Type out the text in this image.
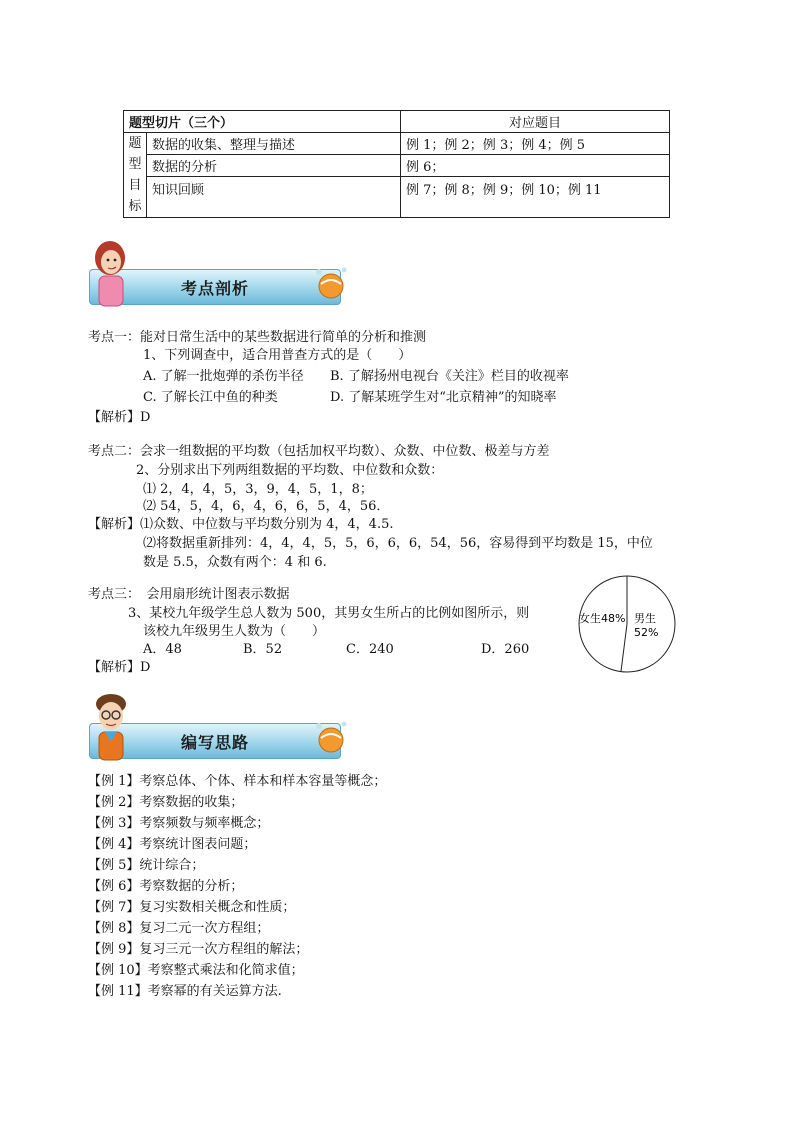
题型切片（三个）		对应题目

题
型
目
标	数据的收集、整理与描述	例 1；例 2；例 3；例 4；例 5
	数据的分析	例 6；
	知识回顾	例 7；例 8；例 9；例 10；例 11
考点剖析
考点一：能对日常生活中的某些数据进行简单的分析和推测
1、下列调查中，适合用普查方式的是（　　）
A. 了解一批炮弹的杀伤半径 B. 了解扬州电视台《关注》栏目的收视率
C. 了解长江中鱼的种类	D. 了解某班学生对“北京精神”的知晓率
【解析】D
考点二：会求一组数据的平均数（包括加权平均数）、众数、中位数、极差与方差
2、分别求出下列两组数据的平均数、中位数和众数：
⑴ 2，4，4，5，3，9，4，5，1，8；
⑵ 54，5，4，6，4，6，6，5，4，56．
【解析】⑴众数、中位数与平均数分别为 4，4，4.5.
⑵将数据重新排列：4，4，4，5，5，6，6，6，54，56，容易得到平均数是 15，中位
数是 5.5，众数有两个：4 和 6.
考点三：　会用扇形统计图表示数据
3、某校九年级学生总人数为 500，其男女生所占的比例如图所示，则
该校九年级男生人数为（　　）
A．48	B．52	C．240	D．260
【解析】D
女生48% 男生
52%
编写思路
【例 1】考察总体、个体、样本和样本容量等概念；
【例 2】考察数据的收集；
【例 3】考察频数与频率概念；
【例 4】考察统计图表问题；
【例 5】统计综合；
【例 6】考察数据的分析；
【例 7】复习实数相关概念和性质；
【例 8】复习二元一次方程组；
【例 9】复习三元一次方程组的解法；
【例 10】考察整式乘法和化简求值；
【例 11】考察幂的有关运算方法.
